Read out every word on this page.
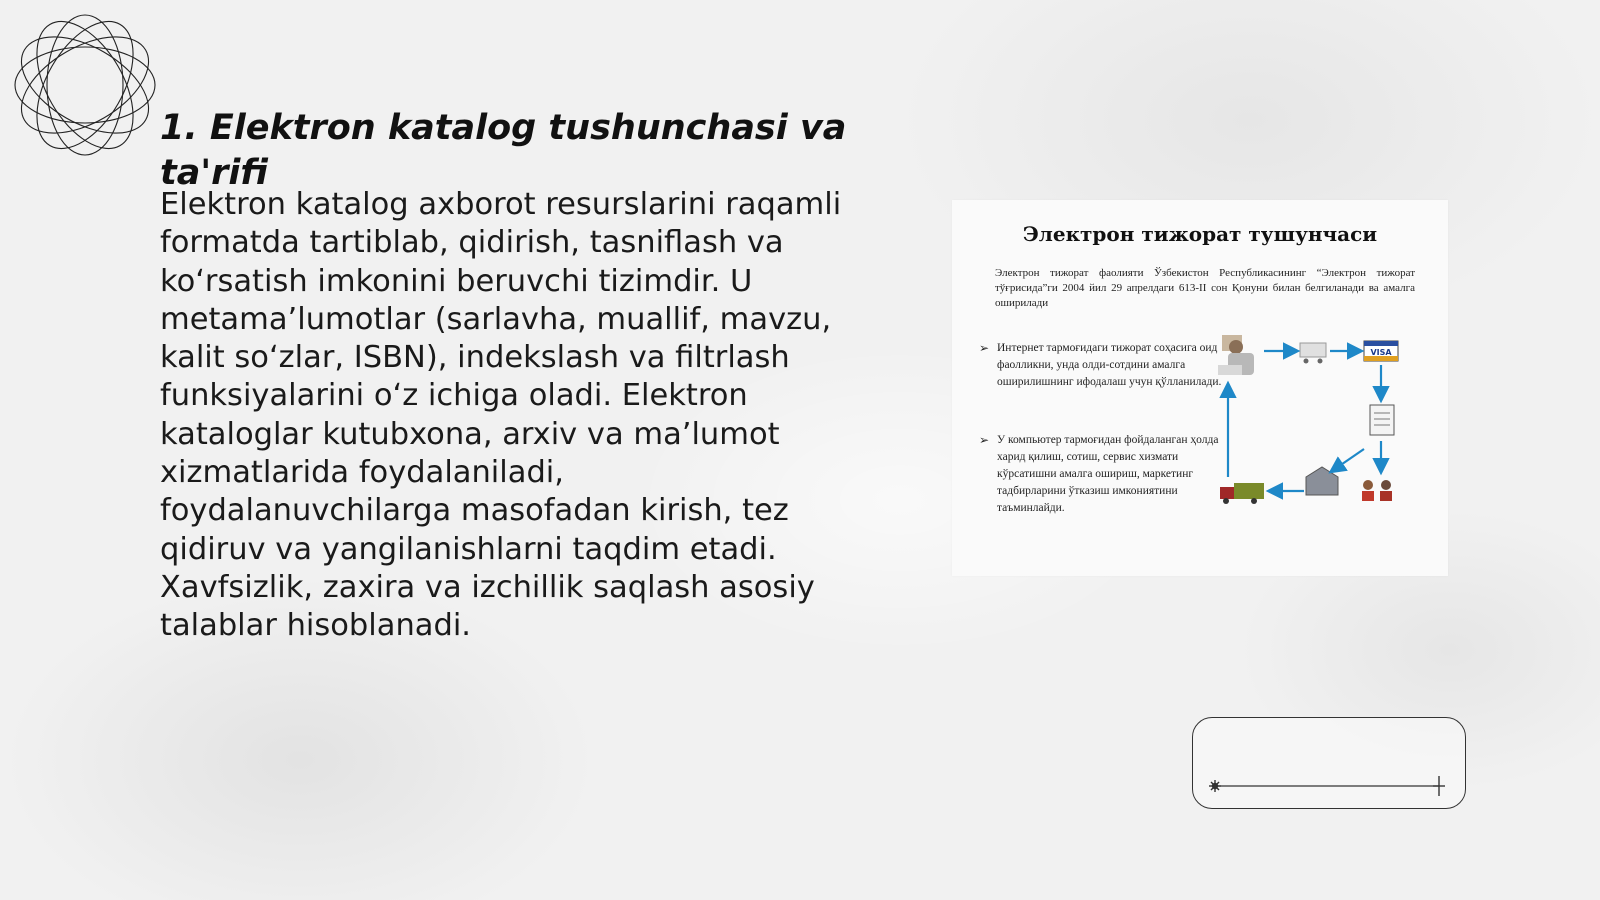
1. Elektron katalog tushunchasi va ta'rifi

Elektron katalog axborot resurslarini raqamli formatda tartiblab, qidirish, tasniflash va koʻrsatish imkonini beruvchi tizimdir. U metamaʼlumotlar (sarlavha, muallif, mavzu, kalit soʻzlar, ISBN), indekslash va filtrlash funksiyalarini oʻz ichiga oladi. Elektron kataloglar kutubxona, arxiv va maʼlumot xizmatlarida foydalaniladi, foydalanuvchilarga masofadan kirish, tez qidiruv va yangilanishlarni taqdim etadi. Xavfsizlik, zaxira va izchillik saqlash asosiy talablar hisoblanadi.

Электрон тижорат тушунчаси

Электрон тижорат фаолияти Ўзбекистон Республикасининг “Электрон тижорат тўғрисида”ги 2004 йил 29 апрелдаги 613-II сон Қонуни билан белгиланади ва амалга оширилади

➢ Интернет тармоғидаги тижорат соҳасига оид фаолликни, унда олди-сотдини амалга оширилишнинг ифодалаш учун қўлланилади.

➢ У компьютер тармоғидан фойдаланган ҳолда харид қилиш, сотиш, сервис хизмати кўрсатишни амалга ошириш, маркетинг тадбирларини ўтказиш имкониятини таъминлайди.

VISA
